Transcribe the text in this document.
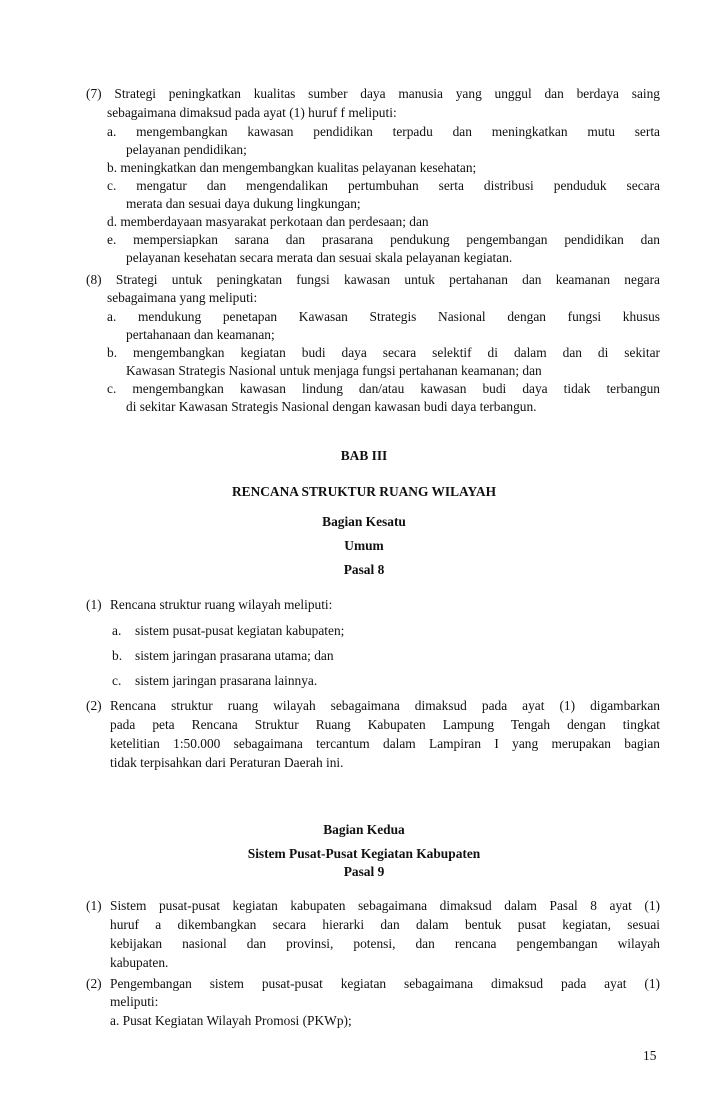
(7) Strategi peningkatkan kualitas sumber daya manusia yang unggul dan berdaya saing
sebagaimana dimaksud pada ayat (1) huruf f meliputi:
a. mengembangkan kawasan pendidikan terpadu dan meningkatkan mutu serta
pelayanan pendidikan;
b. meningkatkan dan mengembangkan kualitas pelayanan kesehatan;
c. mengatur dan mengendalikan pertumbuhan serta distribusi penduduk secara
merata dan sesuai daya dukung lingkungan;
d. memberdayaan masyarakat perkotaan dan perdesaan; dan
e. mempersiapkan sarana dan prasarana pendukung pengembangan pendidikan dan
pelayanan kesehatan secara merata dan sesuai skala pelayanan kegiatan.
(8) Strategi untuk peningkatan fungsi kawasan untuk pertahanan dan keamanan negara
sebagaimana yang meliputi:
a. mendukung penetapan Kawasan Strategis Nasional dengan fungsi khusus
pertahanaan dan keamanan;
b. mengembangkan kegiatan budi daya secara selektif di dalam dan di sekitar
Kawasan Strategis Nasional untuk menjaga fungsi pertahanan keamanan; dan
c. mengembangkan kawasan lindung dan/atau kawasan budi daya tidak terbangun
di sekitar Kawasan Strategis Nasional dengan kawasan budi daya terbangun.
BAB III
RENCANA STRUKTUR RUANG WILAYAH
Bagian Kesatu
Umum
Pasal 8
(1) Rencana struktur ruang wilayah meliputi:
a. sistem pusat-pusat kegiatan kabupaten;
b. sistem jaringan prasarana utama; dan
c. sistem jaringan prasarana lainnya.
(2) Rencana struktur ruang wilayah sebagaimana dimaksud pada ayat (1) digambarkan
pada peta Rencana Struktur Ruang Kabupaten Lampung Tengah dengan tingkat
ketelitian 1:50.000 sebagaimana tercantum dalam Lampiran I yang merupakan bagian
tidak terpisahkan dari Peraturan Daerah ini.
Bagian Kedua
Sistem Pusat-Pusat Kegiatan Kabupaten
Pasal 9
(1) Sistem pusat-pusat kegiatan kabupaten sebagaimana dimaksud dalam Pasal 8 ayat (1)
huruf a dikembangkan secara hierarki dan dalam bentuk pusat kegiatan, sesuai
kebijakan nasional dan provinsi, potensi, dan rencana pengembangan wilayah
kabupaten.
(2) Pengembangan sistem pusat-pusat kegiatan sebagaimana dimaksud pada ayat (1)
meliputi:
a. Pusat Kegiatan Wilayah Promosi (PKWp);
15
